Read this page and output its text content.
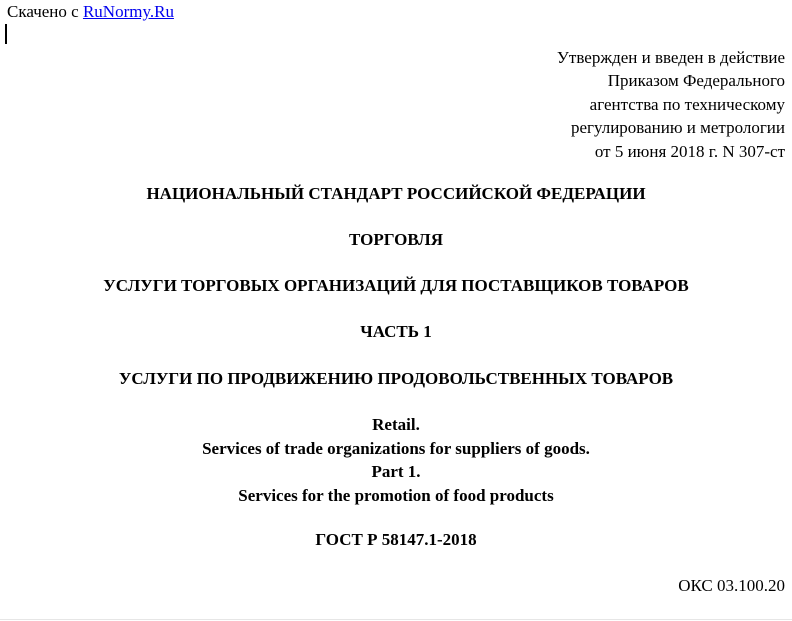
Скачено с RuNormy.Ru
Утвержден и введен в действие
Приказом Федерального
агентства по техническому
регулированию и метрологии
от 5 июня 2018 г. N 307-ст
НАЦИОНАЛЬНЫЙ СТАНДАРТ РОССИЙСКОЙ ФЕДЕРАЦИИ
ТОРГОВЛЯ
УСЛУГИ ТОРГОВЫХ ОРГАНИЗАЦИЙ ДЛЯ ПОСТАВЩИКОВ ТОВАРОВ
ЧАСТЬ 1
УСЛУГИ ПО ПРОДВИЖЕНИЮ ПРОДОВОЛЬСТВЕННЫХ ТОВАРОВ
Retail.
Services of trade organizations for suppliers of goods.
Part 1.
Services for the promotion of food products
ГОСТ Р 58147.1-2018
ОКС 03.100.20
